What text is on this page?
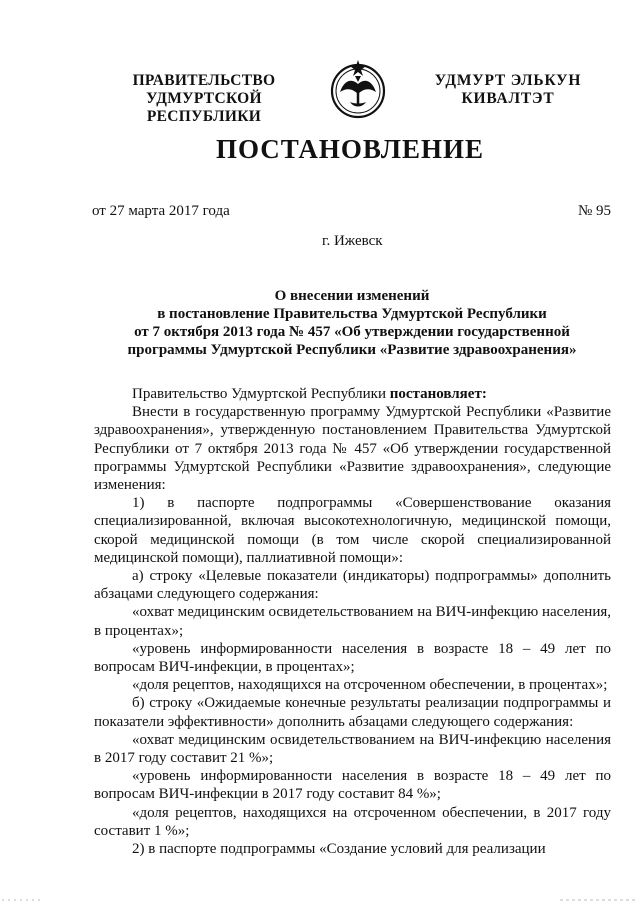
ПРАВИТЕЛЬСТВО
УДМУРТСКОЙ РЕСПУБЛИКИ
УДМУРТ ЭЛЬКУН
КИВАЛТЭТ
ПОСТАНОВЛЕНИЕ
от 27 марта 2017 года	№ 95
г. Ижевск
О внесении изменений
в постановление Правительства Удмуртской Республики
от 7 октября 2013 года № 457 «Об утверждении государственной
программы Удмуртской Республики «Развитие здравоохранения»

Правительство Удмуртской Республики постановляет:

Внести в государственную программу Удмуртской Республики «Развитие здравоохранения», утвержденную постановлением Правительства Удмуртской Республики от 7 октября 2013 года № 457 «Об утверждении государственной программы Удмуртской Республики «Развитие здравоохранения», следующие изменения:

1) в паспорте подпрограммы «Совершенствование оказания специализированной, включая высокотехнологичную, медицинской помощи, скорой медицинской помощи (в том числе скорой специализированной медицинской помощи), паллиативной помощи»:

а) строку «Целевые показатели (индикаторы) подпрограммы» дополнить абзацами следующего содержания:

«охват медицинским освидетельствованием на ВИЧ-инфекцию населения, в процентах»;

«уровень информированности населения в возрасте 18 – 49 лет по вопросам ВИЧ-инфекции, в процентах»;

«доля рецептов, находящихся на отсроченном обеспечении, в процентах»;

б) строку «Ожидаемые конечные результаты реализации подпрограммы и показатели эффективности» дополнить абзацами следующего содержания:

«охват медицинским освидетельствованием на ВИЧ-инфекцию населения в 2017 году составит 21 %»;

«уровень информированности населения в возрасте 18 – 49 лет по вопросам ВИЧ-инфекции в 2017 году составит 84 %»;

«доля рецептов, находящихся на отсроченном обеспечении, в 2017 году составит 1 %»;

2) в паспорте подпрограммы «Создание условий для реализации
